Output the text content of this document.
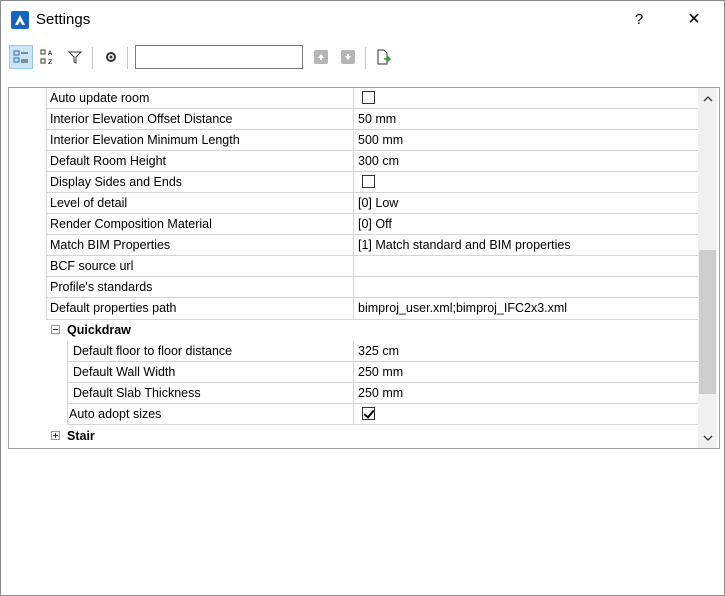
Settings	?	✕
A
Z
Auto update room
Interior Elevation Offset Distance	50 mm
Interior Elevation Minimum Length	500 mm
Default Room Height	300 cm
Display Sides and Ends
Level of detail	[0] Low
Render Composition Material	[0] Off
Match BIM Properties	[1] Match standard and BIM properties
BCF source url
Profile's standards
Default properties path	bimproj_user.xml;bimproj_IFC2x3.xml
Quickdraw
Default floor to floor distance	325 cm
Default Wall Width	250 mm
Default Slab Thickness	250 mm
Auto adopt sizes
Stair
